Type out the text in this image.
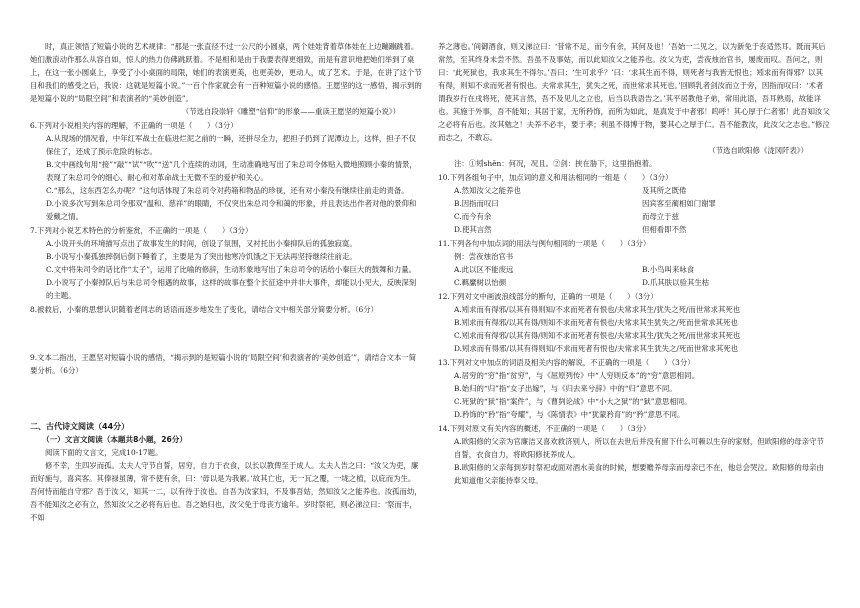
时，真正领悟了短篇小说的艺术规律：“那是一张直径不过一公尺的小圆桌，两个娃娃背着草体娃在上边蹦蹦跳着。她们激浪动作那么从容自如，惊人的热力仿佛跳跃着。不是相和是由于我要表得更细致，而是有意识地把她们举到了桌上，在这一张小圆桌上，享受了小小桌面的局限，她们的表演更美，也更美妙，更动人，成了艺术。于是，在讲了这个节目和我们的感受之后，我说：这就是短篇小说。”一百个作家就会有一百种短篇小说的感悟。王愿坚的这一感悟，揭示到的是短篇小说的“局限空间”和表演者的“美妙创造”。

（节选自段崇轩《雕塑“信仰”的形象——重读王愿坚的短篇小说》）

6.下列对小说相关内容的理解，不正确的一项是（　　）（3分）

A.从现场的情况看，中年红军战士在临进烂泥之前的一瞬，还拼尽全力，把担子扔到了泥潭边上，这样，担子不仅保住了，还成了预示危险的标志。

B.文中画线句用“接”“敲”“试”“吹”“送”几个连续的动词，生动准确地写出了朱总司令体贴入微地照顾小秦的情景，表现了朱总司令的细心、耐心和对革命战士无微不至的爱护和关心。

C.“那么，这东西怎么办呢？”这句话体现了朱总司令对药箱和物品的珍视，还有对小秦没有继续往前走的责备。

D.小说多次写到朱总司令那双“温和、慈祥”的眼睛，不仅突出朱总司令和蔼的形象，并且表达出作者对他的景仰和爱戴之情。

7.下列对小说艺术特色的分析鉴赏，不正确的一项是（　　）（3分）

A.小说开头的环境描写点出了故事发生的时间，创设了氛围，又衬托出小秦抑队后的孤独寂寞。

B.小说写小秦孤独摔倒后倒下睡着了，主要是为了突出他寒冷饥饿之下无法再坚持继续往前走。

C.文中将朱司令的话比作“太子”，运用了比喻的修辞，生动形象地写出了朱总司令的话给小秦巨大的鼓舞和力量。

D.小说写了小秦掉队后与朱总司令相遇的故事，这样的故事在整个长征途中并非大事件，却能以小见大，反映深刻的主题。

8.被救后，小秦的思想认识随着老同志的话语而逐步地发生了变化，请结合文中相关部分简要分析。（6分）

9.文本二指出，王愿坚对短篇小说的感悟，“揭示到的是短篇小说的‘局限空间’和表演者的‘美妙创造’”，请结合文本一简要分析。（6分）

二、古代诗文阅读（44分）

（一）文言文阅读（本题共8小题，26分）

阅读下面的文言文，完成10-17题。

修不幸，生四岁而孤。太夫人守节自誓，居穷，自力于衣食，以长以教俾至于成人。太夫人告之曰：“汝父为吏，廉而好施与，喜宾客。其俸禄虽薄，常不使有余，曰：‘毋以是为我累。’故其亡也，无一瓦之覆，一垅之植，以庇而为生。吾何恃而能自守邪？吾于汝父，知其一二，以有待于汝也。自吾为汝家妇，不及事吾姑，然知汝父之能养也。汝孤而幼，吾不能知汝之必有立，然知汝父之必将有后也。吾之始归也，汝父免于母丧方逾年。岁时祭祀，则必涕泣曰：‘祭而丰，不如

养之薄也。’间御酒食，则又涕泣曰：‘昔常不足，而今有余，其何及也！’吾始一二见之，以为新免于丧适然耳。既而其后常然，至其终身未尝不然。吾虽不及事姑，而以此知汝父之能养也。汝父为吏，尝夜烛治官书，屡废而叹。吾问之，则曰：‘此死狱也，我求其生不得尔。’吾曰：‘生可求乎？’曰：‘求其生而不得，则死者与我皆无恨也；矧求而有得邪？以其有得，则知不求而死者有恨也。夫常求其生，犹失之死，而世常求其死也。’回顾乳者剑汝而立于旁，因指而叹曰：‘术者谓我岁行在戌将死，使其言然，吾不及见儿之立也，后当以我语告之。’其平居教他子弟，常用此语，吾耳熟焉，故能详也。其施于外事，吾不能知；其居于家，无所矜饰，而所为如此，是真发于中者邪！呜呼！其心厚于仁者邪！此吾知汝父之必将有后也。汝其勉之！夫养不必丰，要于孝；利虽不得博于物，要其心之厚于仁。吾不能教汝，此汝父之志也。”修泣而志之，不敢忘。

（节选自欧阳修《泷冈阡表》）

注：①矧shěn：何况，况且。②剑：挟在胁下，这里指抱着。

10.下列各组句子中，加点词的意义和用法相同的一组是（　　）（3分）

A.然知汝父之能养也	及其所之既倦
B.因指而叹曰	因宾客至蔺相如门谢罪
C.而今有余	而母立于兹
D.使其言然	但相看即不然

11.下列各句中加点词的用法与例句相同的一项是（　　）（3分）

例：尝夜烛治官书

A.此以区不能废远	B.小鸟叫来咏食
C.羁縻树以怡颜	D.爪其肤以验其生枯

12.下列对文中画波浪线部分的断句，正确的一项是（　　）（3分）

A.矧求而有得邪/以其有得则知/不求而死者有恨也/夫常求其生/犹失之死/而世常求其死也

B.矧求而有得邪/以其有得/则知不求而死者有恨也/夫常求其生犹失之/死而世常求其死也

C.矧求而有得邪/以其有得/则知不求而死者有恨也/夫常求其生/犹失之死/而世常求其死也

D.矧求而有得邪/以其有得则知/不求而死者有恨也/夫常求其生犹失之/死而世常求其死也

13.下列对文中加点的词语及相关内容的解说，不正确的一项是（　　）（3分）

A.居穷的“穷”指“贫穷”，与《屈原列传》中“人穷则反本”的“穷”意思相同。

B.始归的“归”指“女子出嫁”，与《归去来兮辞》中的“归”意思不同。

C.死狱的“狱”指“案件”，与《曹刿论战》中“小大之狱”的“狱”意思相同。

D.矜饰的“矜”指“夸耀”，与《陈情表》中“犹蒙矜育”的“矜”意思不同。

14.下列对原文有关内容的概述，不正确的一项是（　　）（3分）

A.欧阳修的父亲为官廉洁又喜欢救济别人，所以在去世后并没有留下什么可赖以生存的家财，但欧阳修的母亲守节自誓，衣食自力，将欧阳修抚养成人。

B.欧阳修的父亲每到岁时祭祀或面对酒水美食的时候，想要赡养母亲而母亲已不在，他总会哭泣。欧阳修的母亲由此知道他父亲能侍奉父母。
